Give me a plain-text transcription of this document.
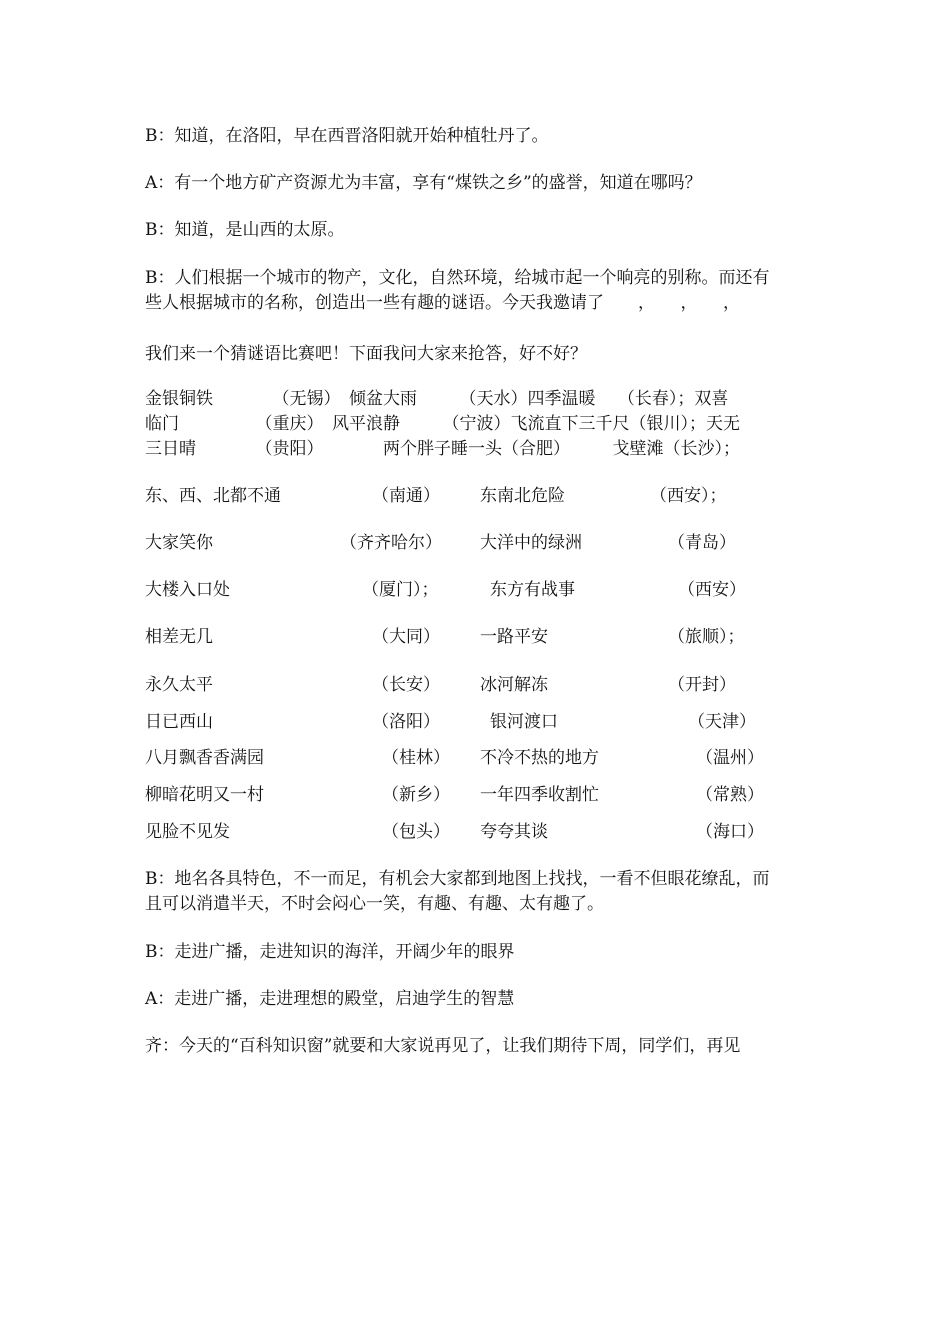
B：知道，在洛阳，早在西晋洛阳就开始种植牡丹了。
A：有一个地方矿产资源尤为丰富，享有“煤铁之乡”的盛誉，知道在哪吗？
B：知道，是山西的太原。
B：人们根据一个城市的物产，文化，自然环境，给城市起一个响亮的别称。而还有
些人根据城市的名称，创造出一些有趣的谜语。今天我邀请了　　，　　，　　，
我们来一个猜谜语比赛吧！下面我问大家来抢答，好不好？
金银铜铁　　　　（无锡）　倾盆大雨　　　（天水）四季温暖　 （长春）；双喜
临门　　　　　（重庆）　风平浪静　　　（宁波）飞流直下三千尺（银川）；天无
三日晴　　　　（贵阳）　　　　两个胖子睡一头（合肥）　　　戈壁滩（长沙）；
东、西、北都不通	（南通） 东南北危险	（西安）；
大家笑你	（齐齐哈尔） 大洋中的绿洲	（青岛）
大楼入口处	（厦门）；	东方有战事	（西安）
相差无几	（大同） 一路平安	（旅顺）；
永久太平	（长安） 冰河解冻	（开封）
日已西山	（洛阳）	银河渡口	（天津）
八月飘香香满园	（桂林） 不冷不热的地方	（温州）
柳暗花明又一村	（新乡） 一年四季收割忙	（常熟）
见脸不见发	（包头） 夸夸其谈	（海口）
B：地名各具特色，不一而足，有机会大家都到地图上找找，一看不但眼花缭乱，而
且可以消遣半天，不时会闷心一笑，有趣、有趣、太有趣了。
B：走进广播，走进知识的海洋，开阔少年的眼界
A：走进广播，走进理想的殿堂，启迪学生的智慧
齐：今天的“百科知识窗”就要和大家说再见了，让我们期待下周，同学们，再见
